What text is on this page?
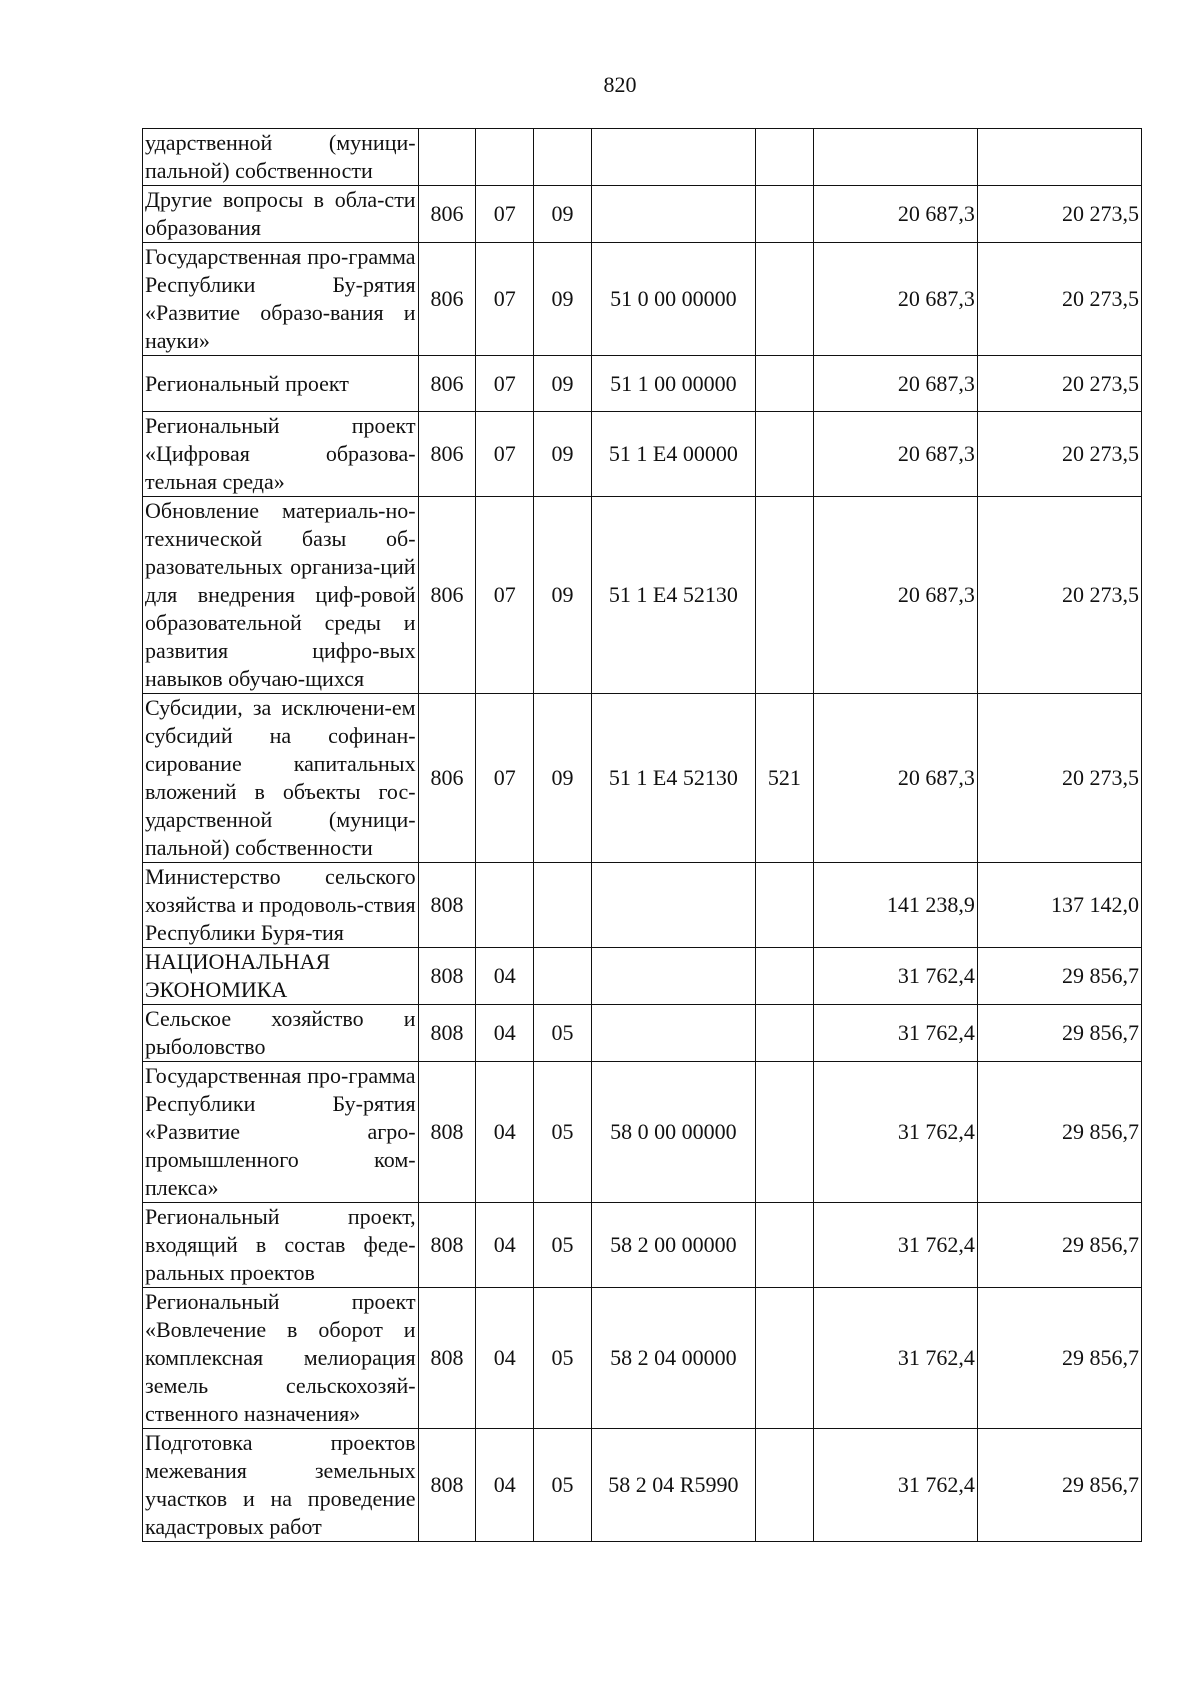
820
ударственной (муници-пальной) собственности							
Другие вопросы в обла-сти образования	806	07	09			20 687,3	20 273,5
Государственная про-грамма Республики Бу-рятия «Развитие образо-вания и науки»	806	07	09	51 0 00 00000		20 687,3	20 273,5
Региональный проект	806	07	09	51 1 00 00000		20 687,3	20 273,5
Региональный проект «Цифровая образова-тельная среда»	806	07	09	51 1 E4 00000		20 687,3	20 273,5
Обновление материаль-но-технической базы об-разовательных организа-ций для внедрения циф-ровой образовательной среды и развития цифро-вых навыков обучаю-щихся	806	07	09	51 1 E4 52130		20 687,3	20 273,5
Субсидии, за исключени-ем субсидий на софинан-сирование капитальных вложений в объекты гос-ударственной (муници-пальной) собственности	806	07	09	51 1 E4 52130	521	20 687,3	20 273,5
Министерство сельского хозяйства и продоволь-ствия Республики Буря-тия	808					141 238,9	137 142,0
НАЦИОНАЛЬНАЯ ЭКОНОМИКА	808	04				31 762,4	29 856,7
Сельское хозяйство и рыболовство	808	04	05			31 762,4	29 856,7
Государственная про-грамма Республики Бу-рятия «Развитие агро-промышленного ком-плекса»	808	04	05	58 0 00 00000		31 762,4	29 856,7
Региональный проект, входящий в состав феде-ральных проектов	808	04	05	58 2 00 00000		31 762,4	29 856,7
Региональный проект «Вовлечение в оборот и комплексная мелиорация земель сельскохозяй-ственного назначения»	808	04	05	58 2 04 00000		31 762,4	29 856,7
Подготовка проектов межевания земельных участков и на проведение кадастровых работ	808	04	05	58 2 04 R5990		31 762,4	29 856,7
